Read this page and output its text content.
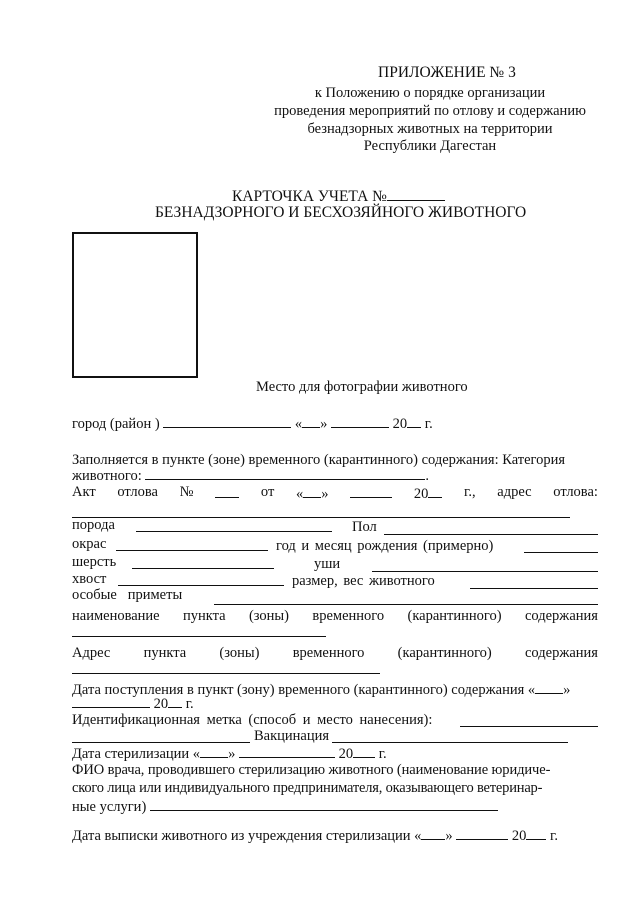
ПРИЛОЖЕНИЕ № 3
к Положению о порядке организации
проведения мероприятий по отлову и содержанию
безнадзорных животных на территории
Республики Дагестан
КАРТОЧКА УЧЕТА №
БЕЗНАДЗОРНОГО И БЕСХОЗЯЙНОГО ЖИВОТНОГО
Место для фотографии животного
город (район )	« »	20 г.
Заполняется в пункте (зоне) временного (карантинного) содержания: Категория
животного:	.
Акт отлова №	от « »	20	г., адрес отлова:
порода	Пол
окрас	год и месяц рождения (примерно)
шерсть	уши
хвост	размер, вес животного
особые приметы
наименование пункта (зоны) временного (карантинного) содержания
Адрес пункта (зоны) временного (карантинного) содержания
Дата поступления в пункт (зону) временного (карантинного) содержания « »
20 г.
Идентификационная метка (способ и место нанесения):
Вакцинация
Дата стерилизации « »	20 г.
ФИО врача, проводившего стерилизацию животного (наименование юридиче-
ского лица или индивидуального предпринимателя, оказывающего ветеринар-
ные услуги)
Дата выписки животного из учреждения стерилизации « »	20 г.
